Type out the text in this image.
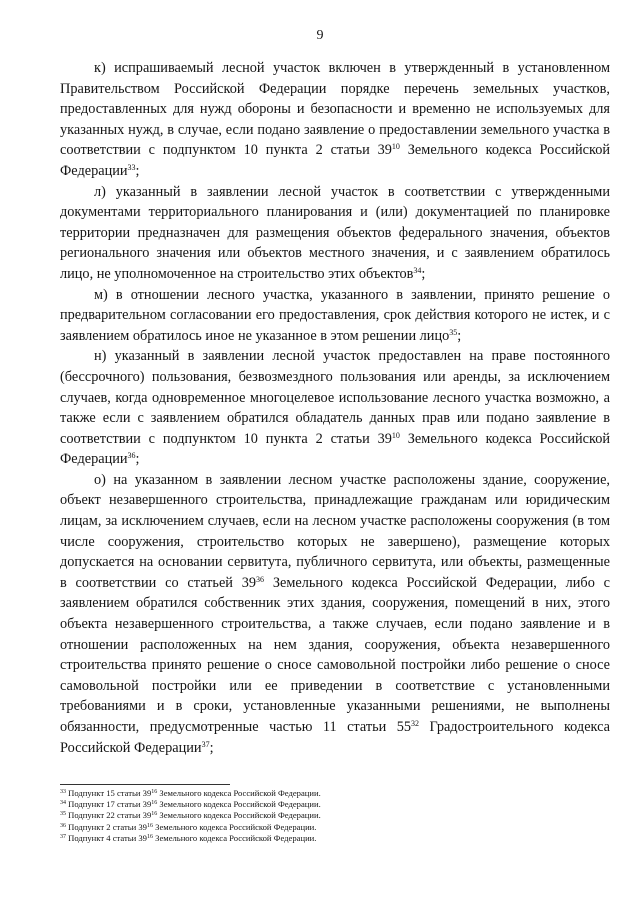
9

к) испрашиваемый лесной участок включен в утвержденный в установленном Правительством Российской Федерации порядке перечень земельных участков, предоставленных для нужд обороны и безопасности и временно не используемых для указанных нужд, в случае, если подано заявление о предоставлении земельного участка в соответствии с подпунктом 10 пункта 2 статьи $39^{10}$ Земельного кодекса Российской Федерации$^{33}$;

л) указанный в заявлении лесной участок в соответствии с утвержденными документами территориального планирования и (или) документацией по планировке территории предназначен для размещения объектов федерального значения, объектов регионального значения или объектов местного значения, и с заявлением обратилось лицо, не уполномоченное на строительство этих объектов$^{34}$;

м) в отношении лесного участка, указанного в заявлении, принято решение о предварительном согласовании его предоставления, срок действия которого не истек, и с заявлением обратилось иное не указанное в этом решении лицо$^{35}$;

н) указанный в заявлении лесной участок предоставлен на праве постоянного (бессрочного) пользования, безвозмездного пользования или аренды, за исключением случаев, когда одновременное многоцелевое использование лесного участка возможно, а также если с заявлением обратился обладатель данных прав или подано заявление в соответствии с подпунктом 10 пункта 2 статьи $39^{10}$ Земельного кодекса Российской Федерации$^{36}$;

о) на указанном в заявлении лесном участке расположены здание, сооружение, объект незавершенного строительства, принадлежащие гражданам или юридическим лицам, за исключением случаев, если на лесном участке расположены сооружения (в том числе сооружения, строительство которых не завершено), размещение которых допускается на основании сервитута, публичного сервитута, или объекты, размещенные в соответствии со статьей $39^{36}$ Земельного кодекса Российской Федерации, либо с заявлением обратился собственник этих здания, сооружения, помещений в них, этого объекта незавершенного строительства, а также случаев, если подано заявление и в отношении расположенных на нем здания, сооружения, объекта незавершенного строительства принято решение о сносе самовольной постройки либо решение о сносе самовольной постройки или ее приведении в соответствие с установленными требованиями и в сроки, установленные указанными решениями, не выполнены обязанности, предусмотренные частью 11 статьи $55^{32}$ Градостроительного кодекса Российской Федерации$^{37}$;

$^{33}$ Подпункт 15 статьи $39^{16}$ Земельного кодекса Российской Федерации.
$^{34}$ Подпункт 17 статьи $39^{16}$ Земельного кодекса Российской Федерации.
$^{35}$ Подпункт 22 статьи $39^{16}$ Земельного кодекса Российской Федерации.
$^{36}$ Подпункт 2 статьи $39^{16}$ Земельного кодекса Российской Федерации.
$^{37}$ Подпункт 4 статьи $39^{16}$ Земельного кодекса Российской Федерации.
